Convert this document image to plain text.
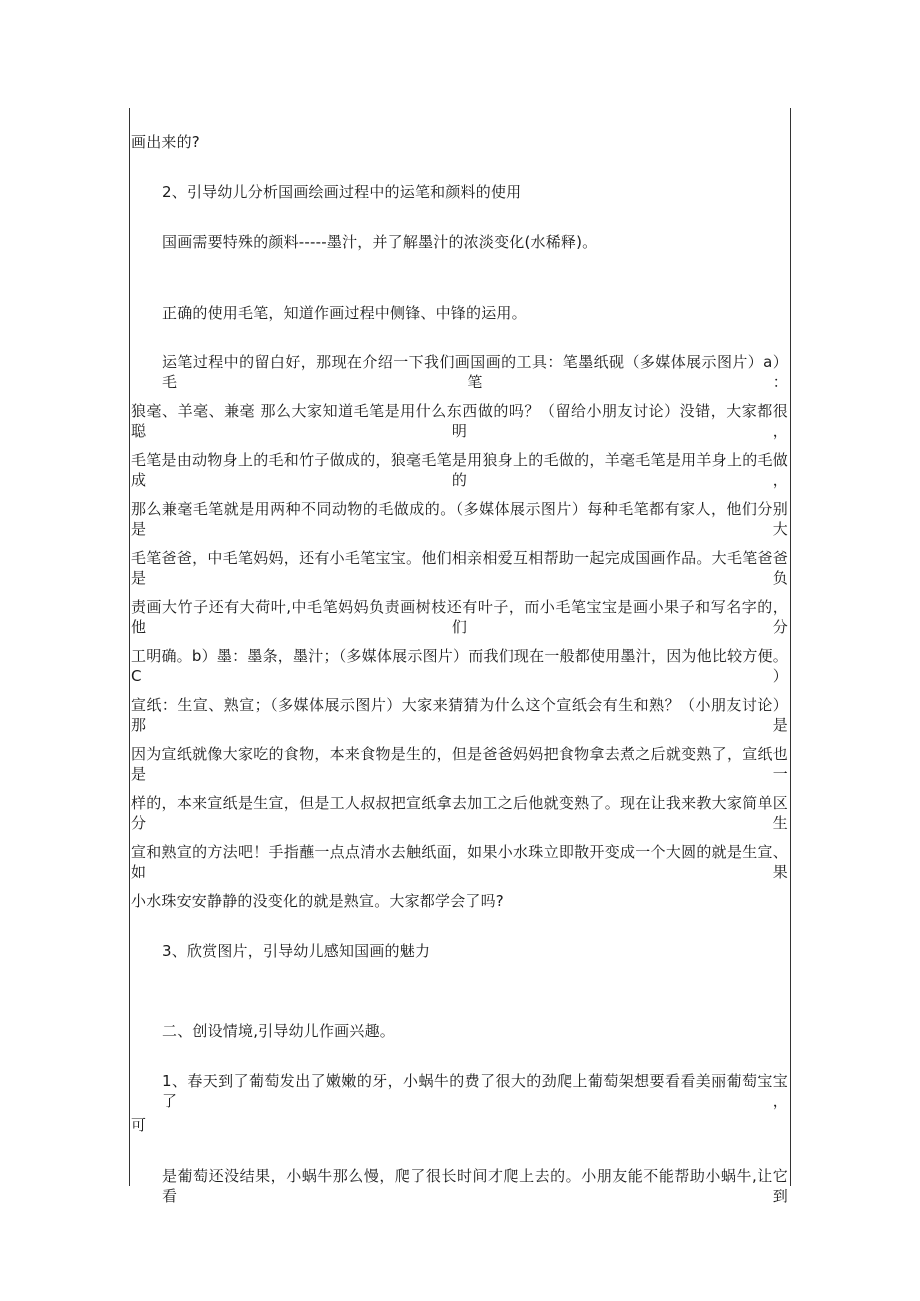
画出来的?
2、引导幼儿分析国画绘画过程中的运笔和颜料的使用
国画需要特殊的颜料-----墨汁，并了解墨汁的浓淡变化(水稀释)。
正确的使用毛笔，知道作画过程中侧锋、中锋的运用。
运笔过程中的留白好，那现在介绍一下我们画国画的工具：笔墨纸砚（多媒体展示图片）a）毛笔：
狼毫、羊毫、兼毫 那么大家知道毛笔是用什么东西做的吗？（留给小朋友讨论）没错，大家都很聪明，
毛笔是由动物身上的毛和竹子做成的，狼毫毛笔是用狼身上的毛做的，羊毫毛笔是用羊身上的毛做成的，
那么兼毫毛笔就是用两种不同动物的毛做成的。（多媒体展示图片）每种毛笔都有家人，他们分别是大
毛笔爸爸，中毛笔妈妈，还有小毛笔宝宝。他们相亲相爱互相帮助一起完成国画作品。大毛笔爸爸是负
责画大竹子还有大荷叶,中毛笔妈妈负责画树枝还有叶子，而小毛笔宝宝是画小果子和写名字的，他们分
工明确。b）墨：墨条，墨汁；（多媒体展示图片）而我们现在一般都使用墨汁，因为他比较方便。C）
宣纸：生宣、熟宣；（多媒体展示图片）大家来猜猜为什么这个宣纸会有生和熟？（小朋友讨论）那是
因为宣纸就像大家吃的食物，本来食物是生的，但是爸爸妈妈把食物拿去煮之后就变熟了，宣纸也是一
样的，本来宣纸是生宣，但是工人叔叔把宣纸拿去加工之后他就变熟了。现在让我来教大家简单区分生
宣和熟宣的方法吧！手指蘸一点点清水去触纸面，如果小水珠立即散开变成一个大圆的就是生宣、如果
小水珠安安静静的没变化的就是熟宣。大家都学会了吗?
3、欣赏图片，引导幼儿感知国画的魅力
二、创设情境,引导幼儿作画兴趣。
1、春天到了葡萄发出了嫩嫩的牙，小蜗牛的费了很大的劲爬上葡萄架想要看看美丽葡萄宝宝了，
可
是葡萄还没结果，小蜗牛那么慢，爬了很长时间才爬上去的。小朋友能不能帮助小蜗牛,让它看到
